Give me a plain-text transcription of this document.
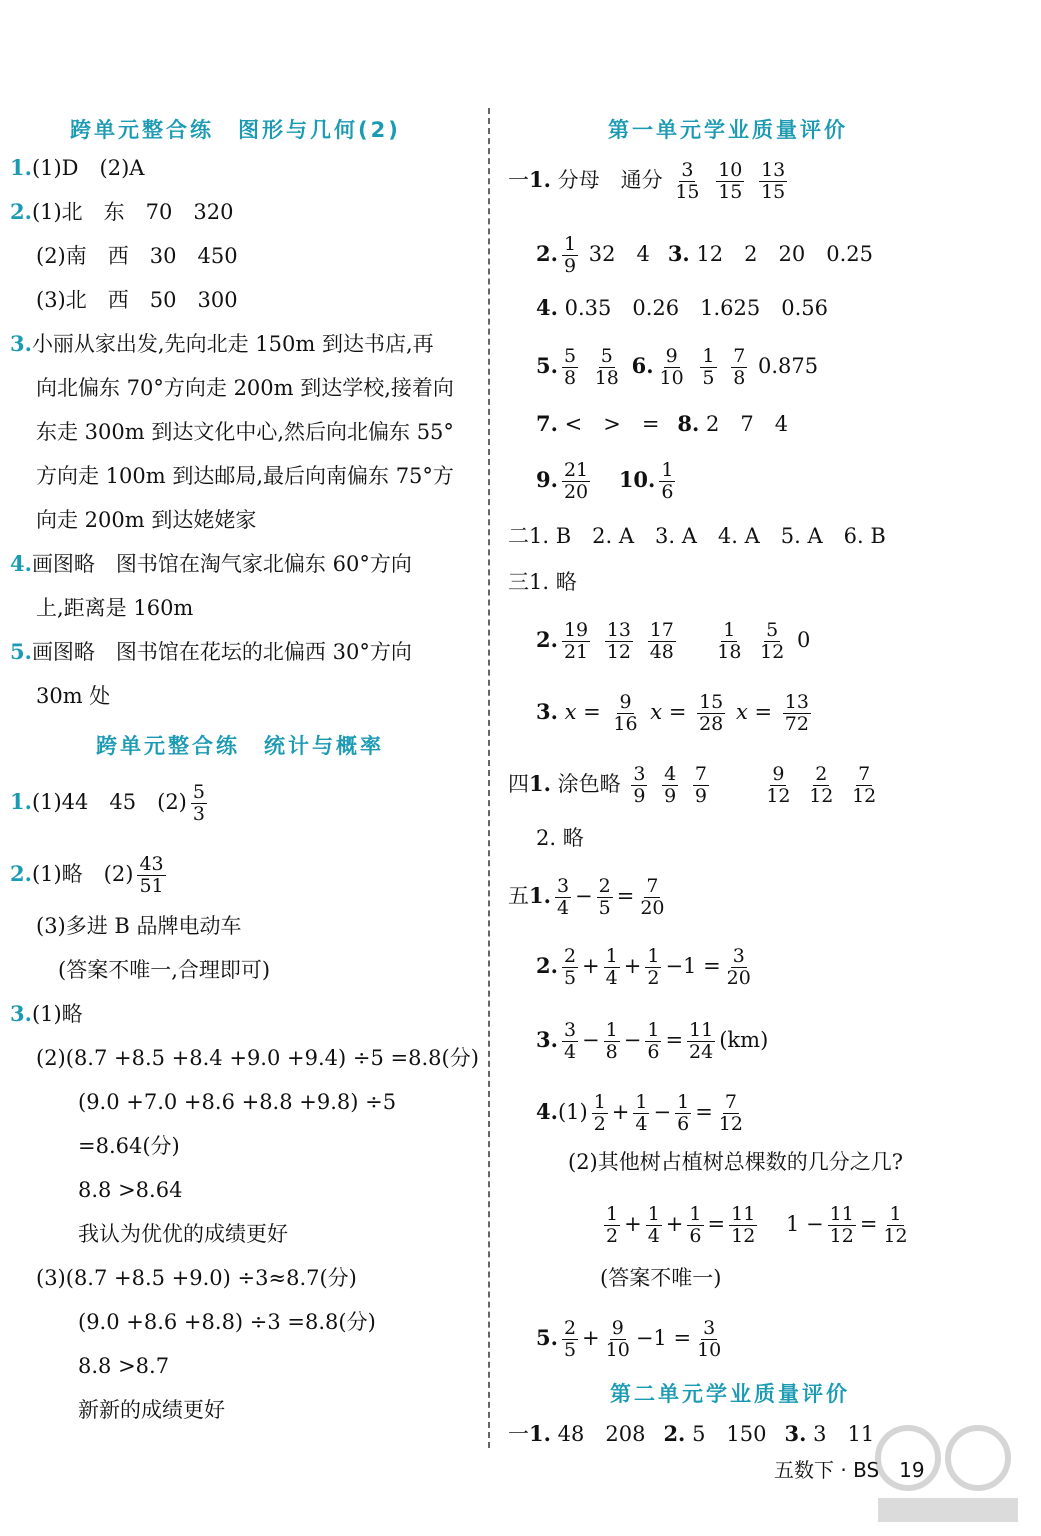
跨单元整合练　图形与几何(2)
1.(1)D　(2)A
2.(1)北　东　70　320
(2)南　西　30　450
(3)北　西　50　300
3.小丽从家出发,先向北走 150m 到达书店,再
向北偏东 70°方向走 200m 到达学校,接着向
东走 300m 到达文化中心,然后向北偏东 55°
方向走 100m 到达邮局,最后向南偏东 75°方
向走 200m 到达姥姥家
4.画图略　图书馆在淘气家北偏东 60°方向
上,距离是 160m
5.画图略　图书馆在花坛的北偏西 30°方向
30m 处
跨单元整合练　统计与概率
1.(1)44　45　$(2) \frac{5}{3}$
2.(1)略　$(2) \frac{43}{51}$
(3)多进 B 品牌电动车
(答案不唯一,合理即可)
3.(1)略
(2)(8.7 +8.5 +8.4 +9.0 +9.4) ÷5 =8.8(分)
(9.0 +7.0 +8.6 +8.8 +9.8) ÷5
=8.64(分)
8.8 >8.64
我认为优优的成绩更好
(3)(8.7 +8.5 +9.0) ÷3≈8.7(分)
(9.0 +8.6 +8.8) ÷3 =8.8(分)
8.8 >8.7
新新的成绩更好
第一单元学业质量评价
一1. 分母　通分 $\frac{3}{15}$
$\frac{10}{15}$
$\frac{13}{15}$
2. $\frac{1}{9} 32$　4 3. 12　2　20　0.25
4. 0.35　0.26　1.625　0.56
5. $\frac{5}{8}$
$\frac{5}{18} 6$. $\frac{9}{10}$
$\frac{1}{5}$
$\frac{7}{8} 0.875$
7. <　>　= 8. 2　7　4
9. $\frac{21}{20} 10$. $\frac{1}{6}$
二1. B　2. A　3. A　4. A　5. A　6. B
三1. 略
2. $\frac{19}{21}$
$\frac{13}{12}$
$\frac{17}{48}$
$\frac{1}{18}$
$\frac{5}{12} 0$
3. $x = \frac{9}{16}$ $x = \frac{15}{28}$ $x = \frac{13}{72}$
四1. 涂色略 $\frac{3}{9}$
$\frac{4}{9}$
$\frac{7}{9}$
	$\frac{9}{12}$
$\frac{2}{12}$
$\frac{7}{12}$
2. 略
五1. $\frac{3}{4} - \frac{2}{5} = \frac{7}{20}$
2. $\frac{2}{5} + \frac{1}{4} + \frac{1}{2} -1 = \frac{3}{20}$
3. $\frac{3}{4} - \frac{1}{8} - \frac{1}{6} = \frac{11}{24} (km)$
$4.(1) \frac{1}{2} + \frac{1}{4} - \frac{1}{6} = \frac{7}{12}$
(2)其他树占植树总棵数的几分之几?
$\frac{1}{2} + \frac{1}{4} + \frac{1}{6} = \frac{11}{12} 1 - \frac{11}{12} = \frac{1}{12}$
(答案不唯一)
5. $\frac{2}{5} + \frac{9}{10} -1 = \frac{3}{10}$
第二单元学业质量评价
一1. 48　208 2. 5　150 3. 3　11
五数下 · BS　19
